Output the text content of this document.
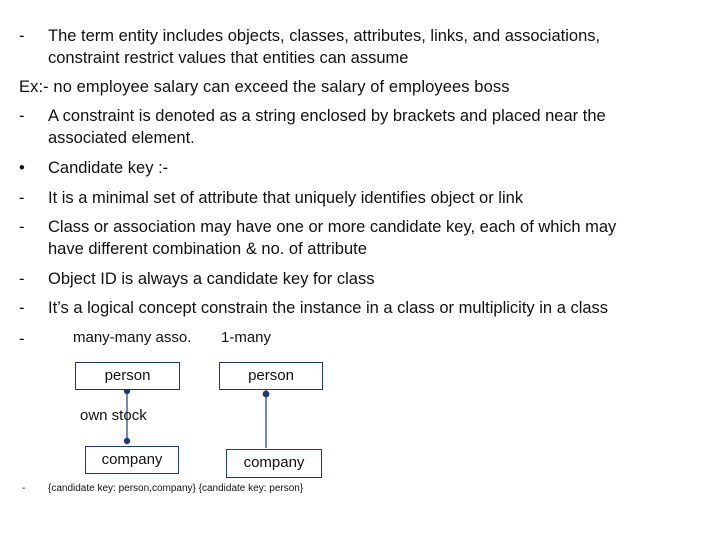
- The term entity includes objects, classes, attributes, links, and associations,
constraint restrict values that entities can assume
Ex:- no employee salary can exceed the salary of employees boss
- A constraint is denoted as a string enclosed by brackets and placed near the
associated element.
• Candidate key :-
- It is a minimal set of attribute that uniquely identifies object or link
- Class or association may have one or more candidate key, each of which may
have different combination & no. of attribute
- Object ID is always a candidate key for class
- It’s a logical concept constrain the instance in a class or multiplicity in a class
-	many-many asso. 1-many
person	person
own stock
company	company
- {candidate key: person,company} {candidate key: person}
